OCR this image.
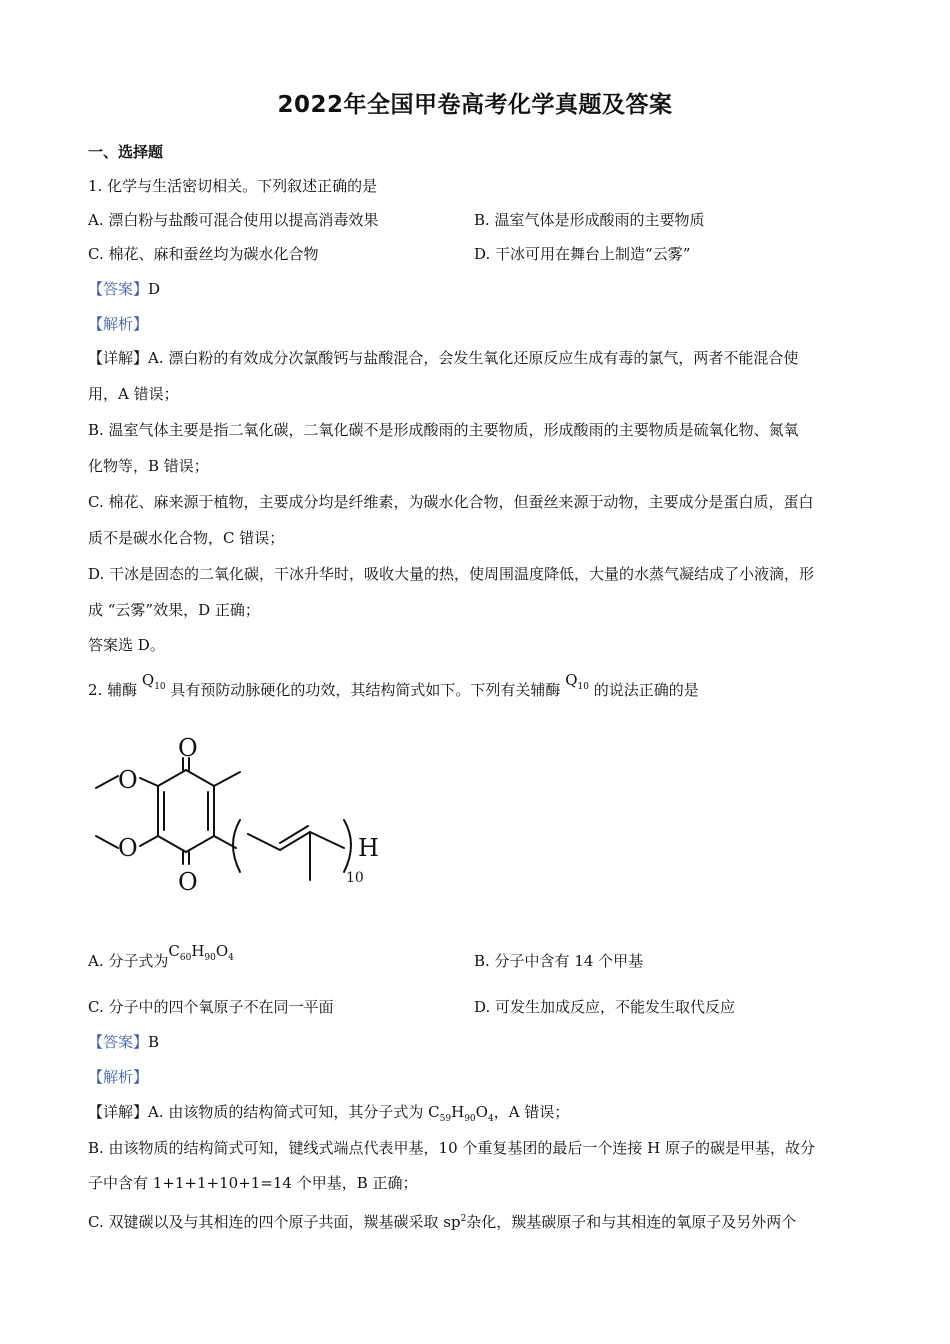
2022年全国甲卷高考化学真题及答案
一、选择题
1. 化学与生活密切相关。下列叙述正确的是
A. 漂白粉与盐酸可混合使用以提高消毒效果	B. 温室气体是形成酸雨的主要物质
C. 棉花、麻和蚕丝均为碳水化合物	D. 干冰可用在舞台上制造“云雾”
【答案】D
【解析】
【详解】A. 漂白粉的有效成分次氯酸钙与盐酸混合，会发生氧化还原反应生成有毒的氯气，两者不能混合使
用，A 错误；
B. 温室气体主要是指二氧化碳，二氧化碳不是形成酸雨的主要物质，形成酸雨的主要物质是硫氧化物、氮氧
化物等，B 错误；
C. 棉花、麻来源于植物，主要成分均是纤维素，为碳水化合物，但蚕丝来源于动物，主要成分是蛋白质，蛋白
质不是碳水化合物，C 错误；
D. 干冰是固态的二氧化碳，干冰升华时，吸收大量的热，使周围温度降低，大量的水蒸气凝结成了小液滴，形
成 “云雾”效果，D 正确；
答案选 D。
2. 辅酶 $Q_{10}$ 具有预防动脉硬化的功效，其结构简式如下。下列有关辅酶 $Q_{10}$ 的说法正确的是
O
O
O
O	H
10
A. 分子式为$C_{60}H_{90}O_4$	B. 分子中含有 14 个甲基
C. 分子中的四个氧原子不在同一平面	D. 可发生加成反应，不能发生取代反应
【答案】B
【解析】
【详解】A. 由该物质的结构简式可知，其分子式为 $C_{59}H_{90}O_4$，A 错误；
B. 由该物质的结构简式可知，键线式端点代表甲基，10 个重复基团的最后一个连接 H 原子的碳是甲基，故分
子中含有 1+1+1+10+1=14 个甲基，B 正确；
C. 双键碳以及与其相连的四个原子共面，羰基碳采取 $sp^2$杂化，羰基碳原子和与其相连的氧原子及另外两个
